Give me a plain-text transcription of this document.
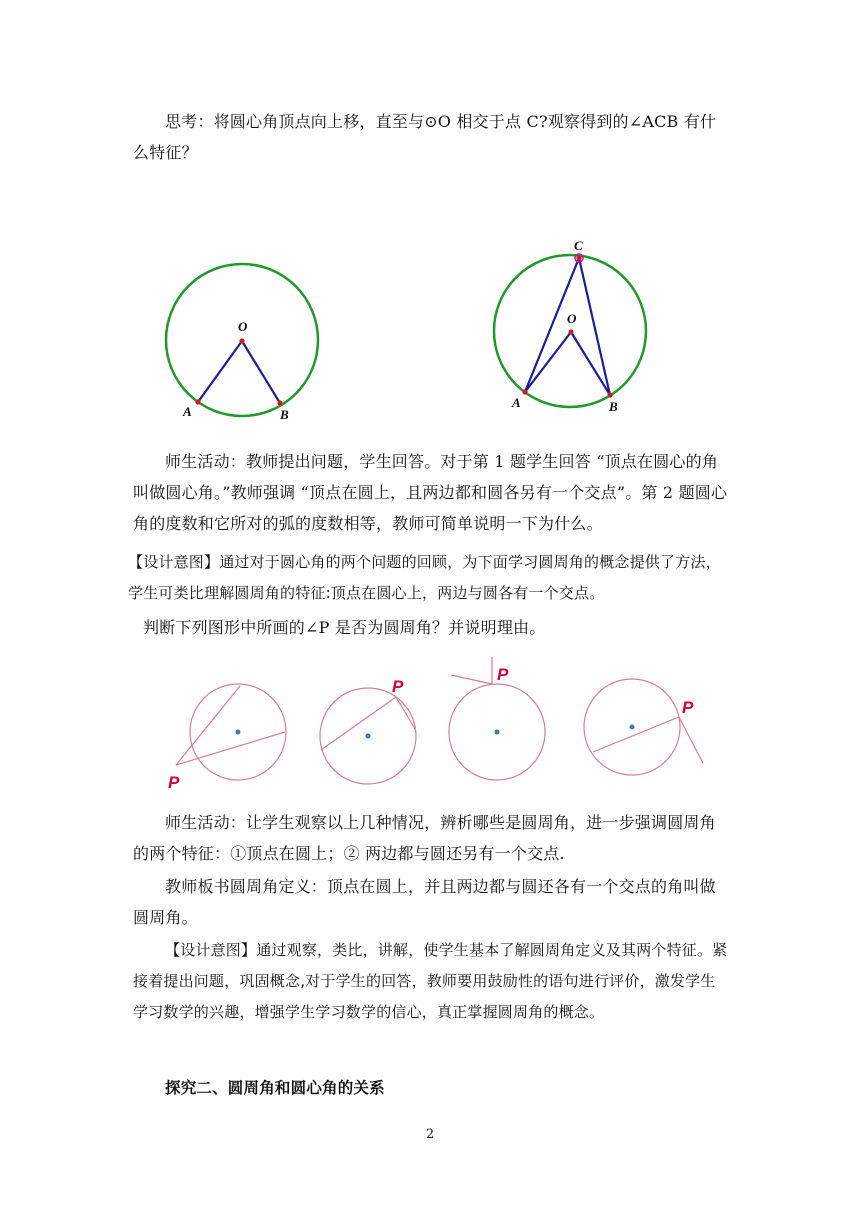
思考：将圆心角顶点向上移，直至与⊙O 相交于点 C?观察得到的∠ACB 有什么特征？

O
A	B
C
O
A	B
P
P
P
P

师生活动：教师提出问题，学生回答。对于第 1 题学生回答 “顶点在圆心的角叫做圆心角。”教师强调 “顶点在圆上，且两边都和圆各另有一个交点”。第 2 题圆心角的度数和它所对的弧的度数相等，教师可简单说明一下为什么。

【设计意图】通过对于圆心角的两个问题的回顾，为下面学习圆周角的概念提供了方法，学生可类比理解圆周角的特征:顶点在圆心上，两边与圆各有一个交点。

判断下列图形中所画的∠P 是否为圆周角？并说明理由。

师生活动：让学生观察以上几种情况，辨析哪些是圆周角，进一步强调圆周角的两个特征：①顶点在圆上；② 两边都与圆还另有一个交点.

教师板书圆周角定义：顶点在圆上，并且两边都与圆还各有一个交点的角叫做圆周角。

【设计意图】通过观察，类比，讲解，使学生基本了解圆周角定义及其两个特征。紧接着提出问题，巩固概念,对于学生的回答，教师要用鼓励性的语句进行评价，激发学生学习数学的兴趣，增强学生学习数学的信心，真正掌握圆周角的概念。

探究二、圆周角和圆心角的关系

2
